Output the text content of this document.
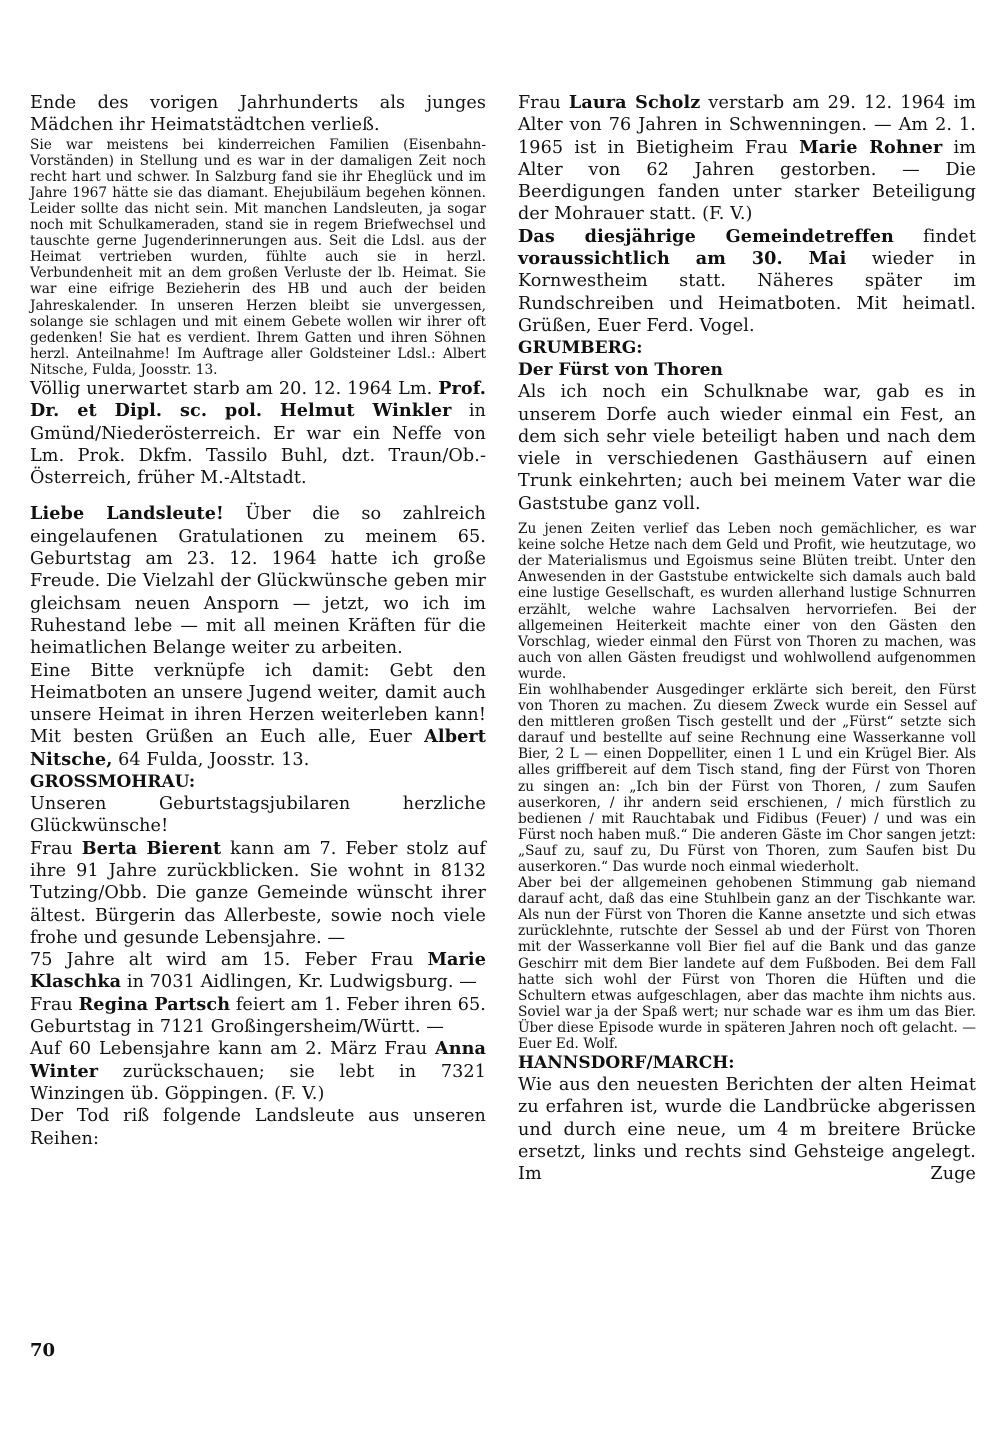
Ende des vorigen Jahrhunderts als junges Mädchen ihr Heimatstädtchen verließ.

Sie war meistens bei kinderreichen Familien (Eisenbahn-Vorständen) in Stellung und es war in der damaligen Zeit noch recht hart und schwer. In Salzburg fand sie ihr Eheglück und im Jahre 1967 hätte sie das diamant. Ehejubiläum begehen können. Leider sollte das nicht sein. Mit manchen Landsleuten, ja sogar noch mit Schulkameraden, stand sie in regem Briefwechsel und tauschte gerne Jugenderinnerungen aus. Seit die Ldsl. aus der Heimat vertrieben wurden, fühlte auch sie in herzl. Verbundenheit mit an dem großen Verluste der lb. Heimat. Sie war eine eifrige Bezieherin des HB und auch der beiden Jahreskalender. In unseren Herzen bleibt sie unvergessen, solange sie schlagen und mit einem Gebete wollen wir ihrer oft gedenken! Sie hat es verdient. Ihrem Gatten und ihren Söhnen herzl. Anteilnahme! Im Auftrage aller Goldsteiner Ldsl.: Albert Nitsche, Fulda, Joosstr. 13.

Völlig unerwartet starb am 20. 12. 1964 Lm. Prof. Dr. et Dipl. sc. pol. Helmut Winkler in Gmünd/Niederösterreich. Er war ein Neffe von Lm. Prok. Dkfm. Tassilo Buhl, dzt. Traun/Ob.-Österreich, früher M.-Altstadt.

Liebe Landsleute! Über die so zahlreich eingelaufenen Gratulationen zu meinem 65. Geburtstag am 23. 12. 1964 hatte ich große Freude. Die Vielzahl der Glückwünsche geben mir gleichsam neuen Ansporn — jetzt, wo ich im Ruhestand lebe — mit all meinen Kräften für die heimatlichen Belange weiter zu arbeiten.

Eine Bitte verknüpfe ich damit: Gebt den Heimatboten an unsere Jugend weiter, damit auch unsere Heimat in ihren Herzen weiterleben kann! Mit besten Grüßen an Euch alle, Euer Albert Nitsche, 64 Fulda, Joosstr. 13.

GROSSMOHRAU:

Unseren Geburtstagsjubilaren herzliche Glückwünsche!

Frau Berta Bierent kann am 7. Feber stolz auf ihre 91 Jahre zurückblicken. Sie wohnt in 8132 Tutzing/Obb. Die ganze Gemeinde wünscht ihrer ältest. Bürgerin das Allerbeste, sowie noch viele frohe und gesunde Lebensjahre. —

75 Jahre alt wird am 15. Feber Frau Marie Klaschka in 7031 Aidlingen, Kr. Ludwigsburg. —

Frau Regina Partsch feiert am 1. Feber ihren 65. Geburtstag in 7121 Großingersheim/Württ. —

Auf 60 Lebensjahre kann am 2. März Frau Anna Winter zurückschauen; sie lebt in 7321 Winzingen üb. Göppingen. (F. V.)

Der Tod riß folgende Landsleute aus unseren Reihen:

Frau Laura Scholz verstarb am 29. 12. 1964 im Alter von 76 Jahren in Schwenningen. — Am 2. 1. 1965 ist in Bietigheim Frau Marie Rohner im Alter von 62 Jahren gestorben. — Die Beerdigungen fanden unter starker Beteiligung der Mohrauer statt. (F. V.)

Das diesjährige Gemeindetreffen findet voraussichtlich am 30. Mai wieder in Kornwestheim statt. Näheres später im Rundschreiben und Heimatboten. Mit heimatl. Grüßen, Euer Ferd. Vogel.

GRUMBERG:

Der Fürst von Thoren

Als ich noch ein Schulknabe war, gab es in unserem Dorfe auch wieder einmal ein Fest, an dem sich sehr viele beteiligt haben und nach dem viele in verschiedenen Gasthäusern auf einen Trunk einkehrten; auch bei meinem Vater war die Gaststube ganz voll.

Zu jenen Zeiten verlief das Leben noch gemächlicher, es war keine solche Hetze nach dem Geld und Profit, wie heutzutage, wo der Materialismus und Egoismus seine Blüten treibt. Unter den Anwesenden in der Gaststube entwickelte sich damals auch bald eine lustige Gesellschaft, es wurden allerhand lustige Schnurren erzählt, welche wahre Lachsalven hervorriefen. Bei der allgemeinen Heiterkeit machte einer von den Gästen den Vorschlag, wieder einmal den Fürst von Thoren zu machen, was auch von allen Gästen freudigst und wohlwollend aufgenommen wurde.

Ein wohlhabender Ausgedinger erklärte sich bereit, den Fürst von Thoren zu machen. Zu diesem Zweck wurde ein Sessel auf den mittleren großen Tisch gestellt und der „Fürst“ setzte sich darauf und bestellte auf seine Rechnung eine Wasserkanne voll Bier, 2 L — einen Doppelliter, einen 1 L und ein Krügel Bier. Als alles griffbereit auf dem Tisch stand, fing der Fürst von Thoren zu singen an: „Ich bin der Fürst von Thoren, / zum Saufen auserkoren, / ihr andern seid erschienen, / mich fürstlich zu bedienen / mit Rauchtabak und Fidibus (Feuer) / und was ein Fürst noch haben muß.“ Die anderen Gäste im Chor sangen jetzt: „Sauf zu, sauf zu, Du Fürst von Thoren, zum Saufen bist Du auserkoren.“ Das wurde noch einmal wiederholt.

Aber bei der allgemeinen gehobenen Stimmung gab niemand darauf acht, daß das eine Stuhlbein ganz an der Tischkante war. Als nun der Fürst von Thoren die Kanne ansetzte und sich etwas zurücklehnte, rutschte der Sessel ab und der Fürst von Thoren mit der Wasserkanne voll Bier fiel auf die Bank und das ganze Geschirr mit dem Bier landete auf dem Fußboden. Bei dem Fall hatte sich wohl der Fürst von Thoren die Hüften und die Schultern etwas aufgeschlagen, aber das machte ihm nichts aus. Soviel war ja der Spaß wert; nur schade war es ihm um das Bier. Über diese Episode wurde in späteren Jahren noch oft gelacht. — Euer Ed. Wolf.

HANNSDORF/MARCH:

Wie aus den neuesten Berichten der alten Heimat zu erfahren ist, wurde die Landbrücke abgerissen und durch eine neue, um 4 m breitere Brücke ersetzt, links und rechts sind Gehsteige angelegt. Im Zuge

70
